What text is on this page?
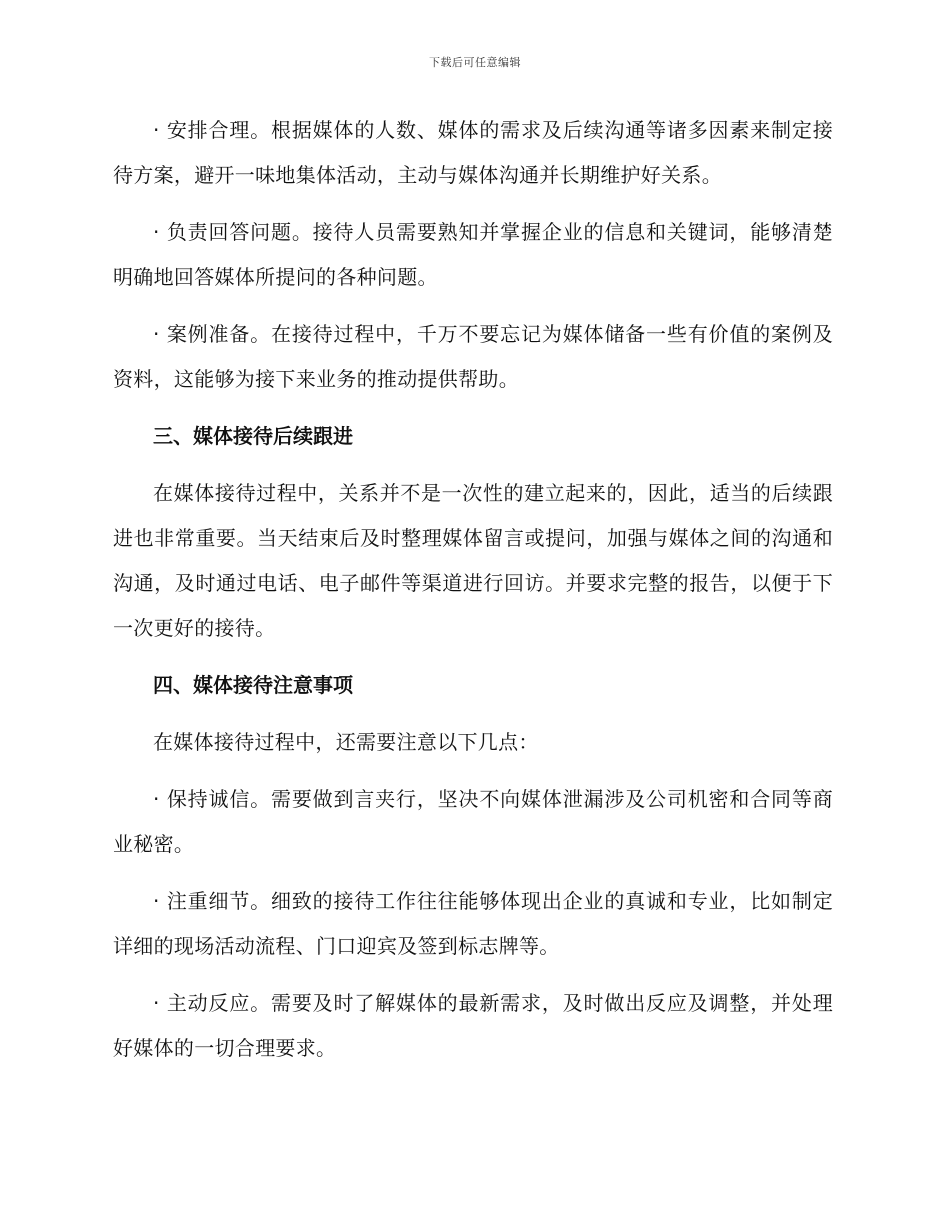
下载后可任意编辑

· 安排合理。根据媒体的人数、媒体的需求及后续沟通等诸多因素来制定接待方案，避开一味地集体活动，主动与媒体沟通并长期维护好关系。

· 负责回答问题。接待人员需要熟知并掌握企业的信息和关键词，能够清楚明确地回答媒体所提问的各种问题。

· 案例准备。在接待过程中，千万不要忘记为媒体储备一些有价值的案例及资料，这能够为接下来业务的推动提供帮助。

三、媒体接待后续跟进

在媒体接待过程中，关系并不是一次性的建立起来的，因此，适当的后续跟进也非常重要。当天结束后及时整理媒体留言或提问，加强与媒体之间的沟通和沟通，及时通过电话、电子邮件等渠道进行回访。并要求完整的报告，以便于下一次更好的接待。

四、媒体接待注意事项

在媒体接待过程中，还需要注意以下几点：

· 保持诚信。需要做到言夹行，坚决不向媒体泄漏涉及公司机密和合同等商业秘密。

· 注重细节。细致的接待工作往往能够体现出企业的真诚和专业，比如制定详细的现场活动流程、门口迎宾及签到标志牌等。

· 主动反应。需要及时了解媒体的最新需求，及时做出反应及调整，并处理好媒体的一切合理要求。
